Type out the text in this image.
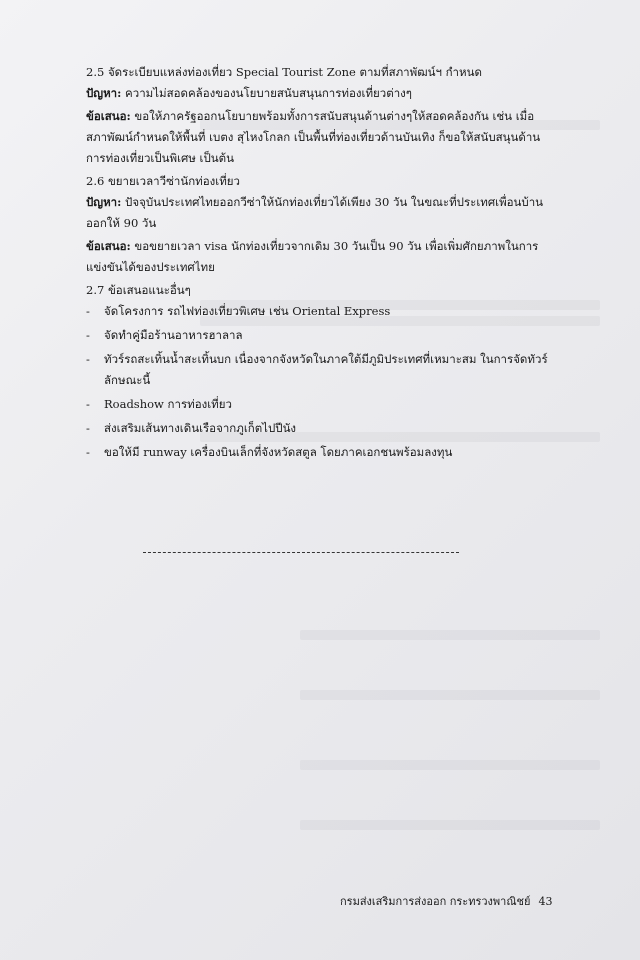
2.5 จัดระเบียบแหล่งท่องเที่ยว Special Tourist Zone ตามที่สภาพัฒน์ฯ กำหนด
ปัญหา: ความไม่สอดคล้องของนโยบายสนับสนุนการท่องเที่ยวต่างๆ
ข้อเสนอ: ขอให้ภาครัฐออกนโยบายพร้อมทั้งการสนับสนุนด้านต่างๆให้สอดคล้องกัน เช่น เมื่อสภาพัฒน์กำหนดให้พื้นที่ เบตง สุไหงโกลก เป็นพื้นที่ท่องเที่ยวด้านบันเทิง ก็ขอให้สนับสนุนด้านการท่องเที่ยวเป็นพิเศษ เป็นต้น
2.6 ขยายเวลาวีซ่านักท่องเที่ยว
ปัญหา: ปัจจุบันประเทศไทยออกวีซ่าให้นักท่องเที่ยวได้เพียง 30 วัน ในขณะที่ประเทศเพื่อนบ้านออกให้ 90 วัน
ข้อเสนอ: ขอขยายเวลา visa นักท่องเที่ยวจากเดิม 30 วันเป็น 90 วัน เพื่อเพิ่มศักยภาพในการแข่งขันได้ของประเทศไทย
2.7 ข้อเสนอแนะอื่นๆ
- จัดโครงการ รถไฟท่องเที่ยวพิเศษ เช่น Oriental Express
- จัดทำคู่มือร้านอาหารฮาลาล
- ทัวร์รถสะเทิ้นน้ำสะเทิ้นบก เนื่องจากจังหวัดในภาคใต้มีภูมิประเทศที่เหมาะสม ในการจัดทัวร์ลักษณะนี้
- Roadshow การท่องเที่ยว
- ส่งเสริมเส้นทางเดินเรือจากภูเก็ตไปปีนัง
- ขอให้มี runway เครื่องบินเล็กที่จังหวัดสตูล โดยภาคเอกชนพร้อมลงทุน
กรมส่งเสริมการส่งออก กระทรวงพาณิชย์ 43
